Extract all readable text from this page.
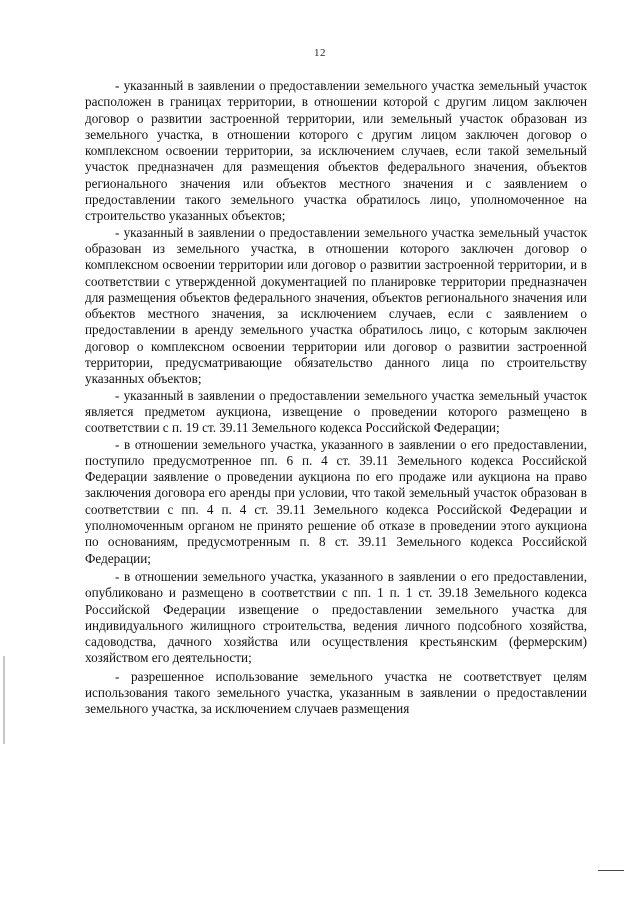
12

- указанный в заявлении о предоставлении земельного участка земельный участок расположен в границах территории, в отношении которой с другим лицом заключен договор о развитии застроенной территории, или земельный участок образован из земельного участка, в отношении которого с другим лицом заключен договор о комплексном освоении территории, за исключением случаев, если такой земельный участок предназначен для размещения объектов федерального значения, объектов регионального значения или объектов местного значения и с заявлением о предоставлении такого земельного участка обратилось лицо, уполномоченное на строительство указанных объектов;

- указанный в заявлении о предоставлении земельного участка земельный участок образован из земельного участка, в отношении которого заключен договор о комплексном освоении территории или договор о развитии застроенной территории, и в соответствии с утвержденной документацией по планировке территории предназначен для размещения объектов федерального значения, объектов регионального значения или объектов местного значения, за исключением случаев, если с заявлением о предоставлении в аренду земельного участка обратилось лицо, с которым заключен договор о комплексном освоении территории или договор о развитии застроенной территории, предусматривающие обязательство данного лица по строительству указанных объектов;

- указанный в заявлении о предоставлении земельного участка земельный участок является предметом аукциона, извещение о проведении которого размещено в соответствии с п. 19 ст. 39.11 Земельного кодекса Российской Федерации;

- в отношении земельного участка, указанного в заявлении о его предоставлении, поступило предусмотренное пп. 6 п. 4 ст. 39.11 Земельного кодекса Российской Федерации заявление о проведении аукциона по его продаже или аукциона на право заключения договора его аренды при условии, что такой земельный участок образован в соответствии с пп. 4 п. 4 ст. 39.11 Земельного кодекса Российской Федерации и уполномоченным органом не принято решение об отказе в проведении этого аукциона по основаниям, предусмотренным п. 8 ст. 39.11 Земельного кодекса Российской Федерации;

- в отношении земельного участка, указанного в заявлении о его предоставлении, опубликовано и размещено в соответствии с пп. 1 п. 1 ст. 39.18 Земельного кодекса Российской Федерации извещение о предоставлении земельного участка для индивидуального жилищного строительства, ведения личного подсобного хозяйства, садоводства, дачного хозяйства или осуществления крестьянским (фермерским) хозяйством его деятельности;

- разрешенное использование земельного участка не соответствует целям использования такого земельного участка, указанным в заявлении о предоставлении земельного участка, за исключением случаев размещения
